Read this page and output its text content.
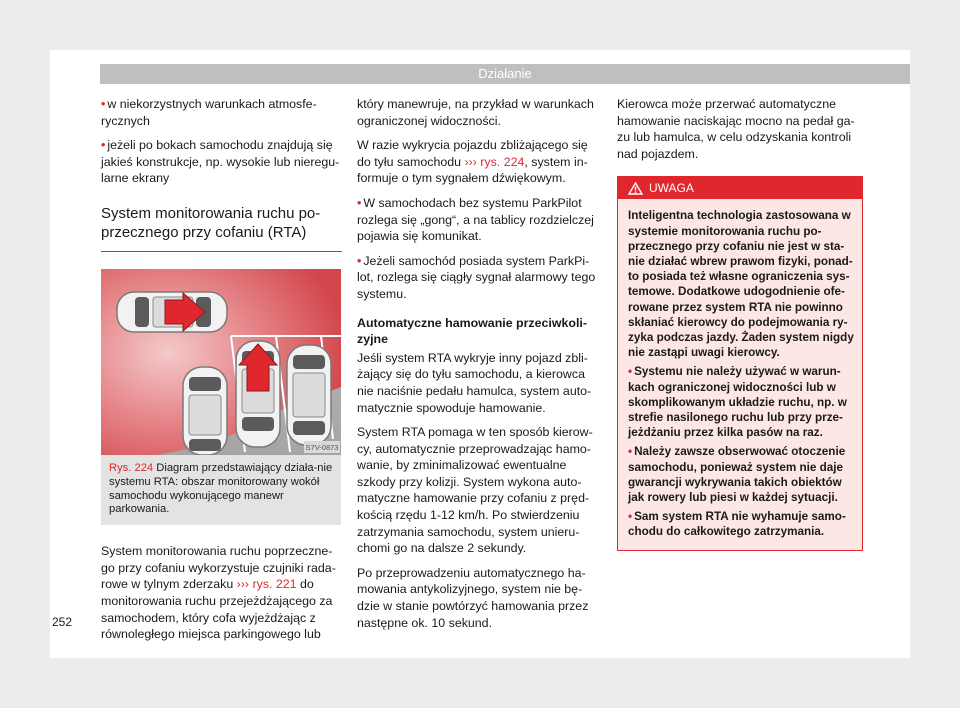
Działanie

• w niekorzystnych warunkach atmosfe-rycznych

• jeżeli po bokach samochodu znajdują się jakieś konstrukcje, np. wysokie lub nieregu-larne ekrany

System monitorowania ruchu po-przecznego przy cofaniu (RTA)
S7V-0873
Rys. 224 Diagram przedstawiający działa-nie systemu RTA: obszar monitorowany wokół samochodu wykonującego manewr parkowania.

System monitorowania ruchu poprzeczne-go przy cofaniu wykorzystuje czujniki rada-rowe w tylnym zderzaku ››› rys. 221 do monitorowania ruchu przejeżdżającego za samochodem, który cofa wyjeżdżając z równoległego miejsca parkingowego lub

który manewruje, na przykład w warunkach ograniczonej widoczności.

W razie wykrycia pojazdu zbliżającego się do tyłu samochodu ››› rys. 224, system in-formuje o tym sygnałem dźwiękowym.

• W samochodach bez systemu ParkPilot rozlega się „gong“, a na tablicy rozdzielczej pojawia się komunikat.

• Jeżeli samochód posiada system ParkPi-lot, rozlega się ciągły sygnał alarmowy tego systemu.

Automatyczne hamowanie przeciwkoli-zyjne

Jeśli system RTA wykryje inny pojazd zbli-żający się do tyłu samochodu, a kierowca nie naciśnie pedału hamulca, system auto-matycznie spowoduje hamowanie.

System RTA pomaga w ten sposób kierow-cy, automatycznie przeprowadzając hamo-wanie, by zminimalizować ewentualne szkody przy kolizji. System wykona auto-matyczne hamowanie przy cofaniu z pręd-kością rzędu 1-12 km/h. Po stwierdzeniu zatrzymania samochodu, system unieru-chomi go na dalsze 2 sekundy.

Po przeprowadzeniu automatycznego ha-mowania antykolizyjnego, system nie bę-dzie w stanie powtórzyć hamowania przez następne ok. 10 sekund.

Kierowca może przerwać automatyczne hamowanie naciskając mocno na pedał ga-zu lub hamulca, w celu odzyskania kontroli nad pojazdem.

UWAGA

Inteligentna technologia zastosowana w systemie monitorowania ruchu po-przecznego przy cofaniu nie jest w sta-nie działać wbrew prawom fizyki, ponad-to posiada też własne ograniczenia sys-temowe. Dodatkowe udogodnienie ofe-rowane przez system RTA nie powinno skłaniać kierowcy do podejmowania ry-zyka podczas jazdy. Żaden system nigdy nie zastąpi uwagi kierowcy.

• Systemu nie należy używać w warun-kach ograniczonej widoczności lub w skomplikowanym układzie ruchu, np. w strefie nasilonego ruchu lub przy prze-jeżdżaniu przez kilka pasów na raz.

• Należy zawsze obserwować otoczenie samochodu, ponieważ system nie daje gwarancji wykrywania takich obiektów jak rowery lub piesi w każdej sytuacji.

• Sam system RTA nie wyhamuje samo-chodu do całkowitego zatrzymania.

252
